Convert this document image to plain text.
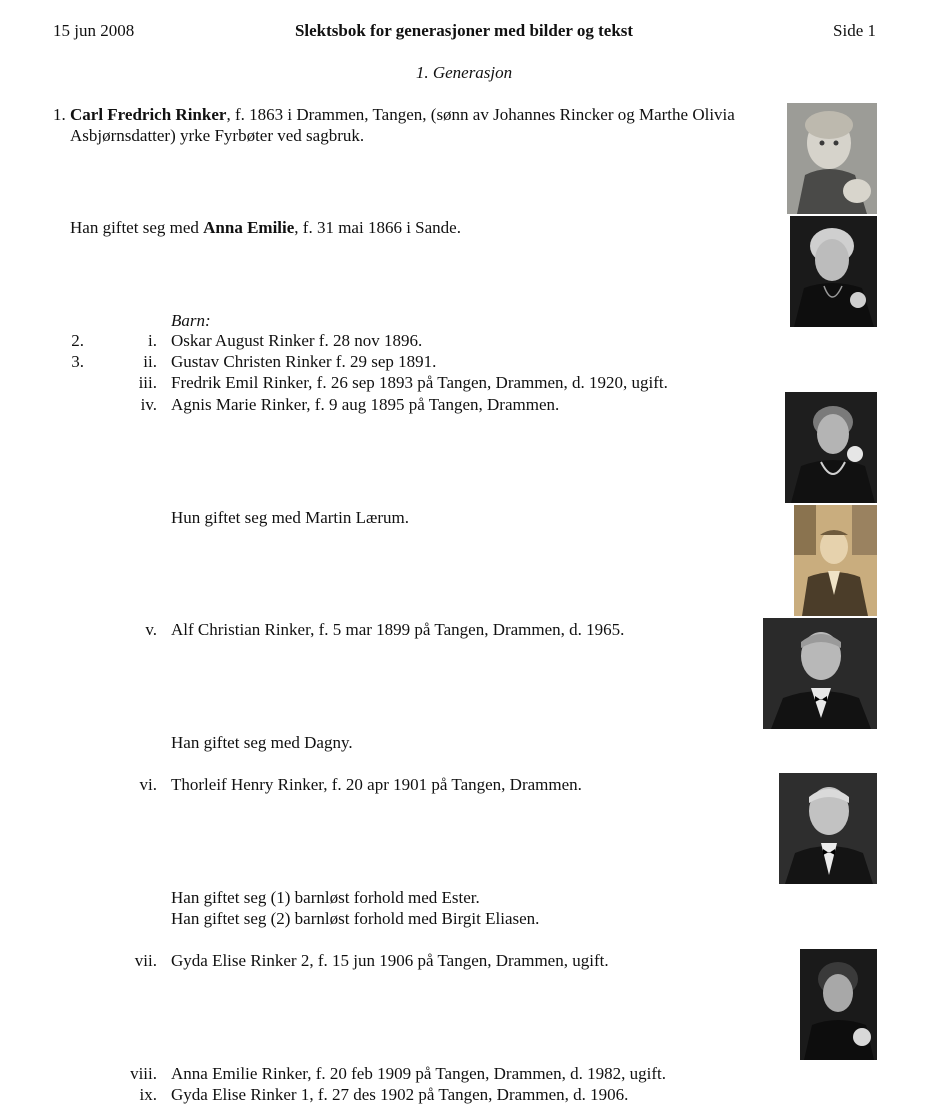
15 jun 2008	Slektsbok for generasjoner med bilder og tekst	Side 1
1. Generasjon
1. Carl Fredrich Rinker, f. 1863 i Drammen, Tangen, (sønn av Johannes Rincker og Marthe Olivia
Asbjørnsdatter) yrke Fyrbøter ved sagbruk.
Han giftet seg med Anna Emilie, f. 31 mai 1866 i Sande.
Barn:
2.	i. Oskar August Rinker f. 28 nov 1896.
3.	ii. Gustav Christen Rinker f. 29 sep 1891.
iii. Fredrik Emil Rinker, f. 26 sep 1893 på Tangen, Drammen, d. 1920, ugift.
iv. Agnis Marie Rinker, f. 9 aug 1895 på Tangen, Drammen.
Hun giftet seg med Martin Lærum.
v. Alf Christian Rinker, f. 5 mar 1899 på Tangen, Drammen, d. 1965.
Han giftet seg med Dagny.
vi. Thorleif Henry Rinker, f. 20 apr 1901 på Tangen, Drammen.
Han giftet seg (1) barnløst forhold med Ester.
Han giftet seg (2) barnløst forhold med Birgit Eliasen.
vii. Gyda Elise Rinker 2, f. 15 jun 1906 på Tangen, Drammen, ugift.
viii. Anna Emilie Rinker, f. 20 feb 1909 på Tangen, Drammen, d. 1982, ugift.
ix. Gyda Elise Rinker 1, f. 27 des 1902 på Tangen, Drammen, d. 1906.
